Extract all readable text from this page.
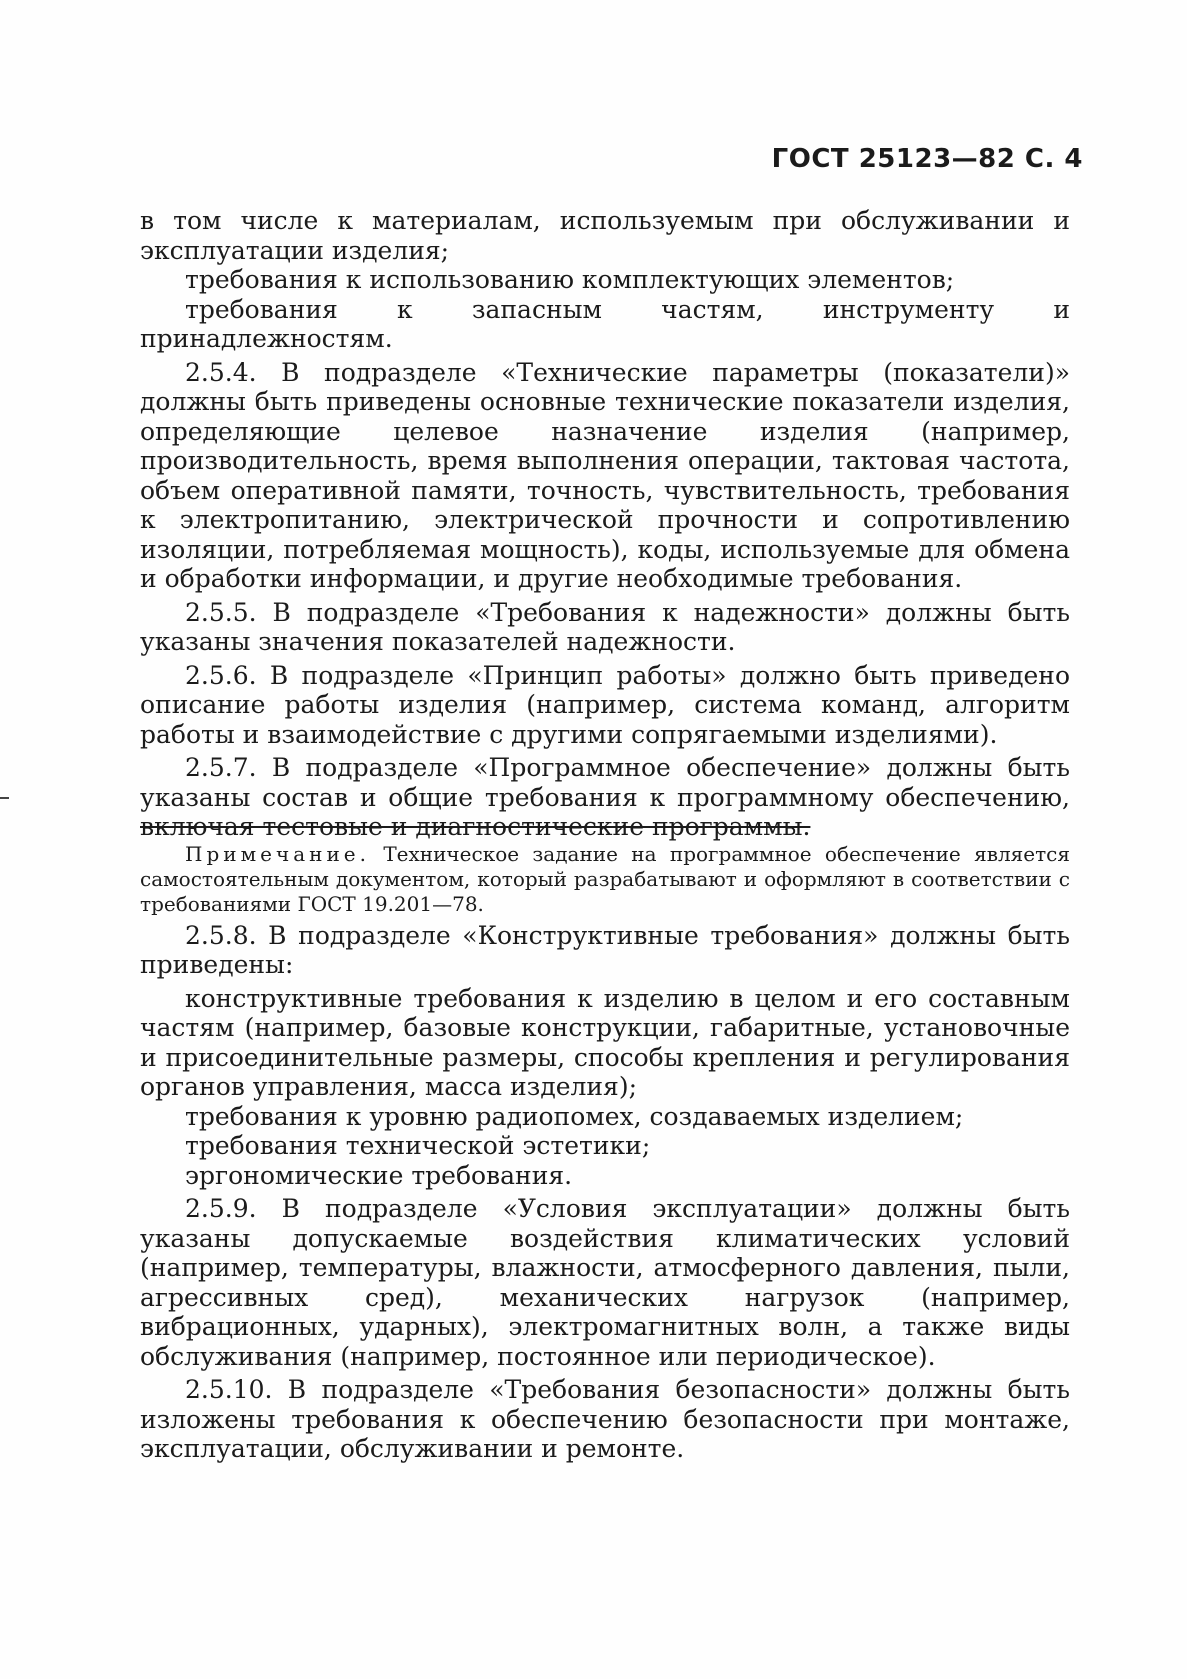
ГОСТ 25123—82 С. 4

в том числе к материалам, используемым при обслуживании и эксплуатации изделия;

требования к использованию комплектующих элементов;

требования к запасным частям, инструменту и принадлежностям.

2.5.4. В подразделе «Технические параметры (показатели)» должны быть приведены основные технические показатели изделия, определяющие целевое назначение изделия (например, производительность, время выполнения операции, тактовая частота, объем оперативной памяти, точность, чувствительность, требования к электропитанию, электрической прочности и сопротивлению изоляции, потребляемая мощность), коды, используемые для обмена и обработки информации, и другие необходимые требования.

2.5.5. В подразделе «Требования к надежности» должны быть указаны значения показателей надежности.

2.5.6. В подразделе «Принцип работы» должно быть приведено описание работы изделия (например, система команд, алгоритм работы и взаимодействие с другими сопрягаемыми изделиями).

2.5.7. В подразделе «Программное обеспечение» должны быть указаны состав и общие требования к программному обеспечению, включая тестовые и диагностические программы.

Примечание. Техническое задание на программное обеспечение является самостоятельным документом, который разрабатывают и оформляют в соответствии с требованиями ГОСТ 19.201—78.

2.5.8. В подразделе «Конструктивные требования» должны быть приведены:

конструктивные требования к изделию в целом и его составным частям (например, базовые конструкции, габаритные, установочные и присоединительные размеры, способы крепления и регулирования органов управления, масса изделия);

требования к уровню радиопомех, создаваемых изделием;

требования технической эстетики;

эргономические требования.

2.5.9. В подразделе «Условия эксплуатации» должны быть указаны допускаемые воздействия климатических условий (например, температуры, влажности, атмосферного давления, пыли, агрессивных сред), механических нагрузок (например, вибрационных, ударных), электромагнитных волн, а также виды обслуживания (например, постоянное или периодическое).

2.5.10. В подразделе «Требования безопасности» должны быть изложены требования к обеспечению безопасности при монтаже, эксплуатации, обслуживании и ремонте.
